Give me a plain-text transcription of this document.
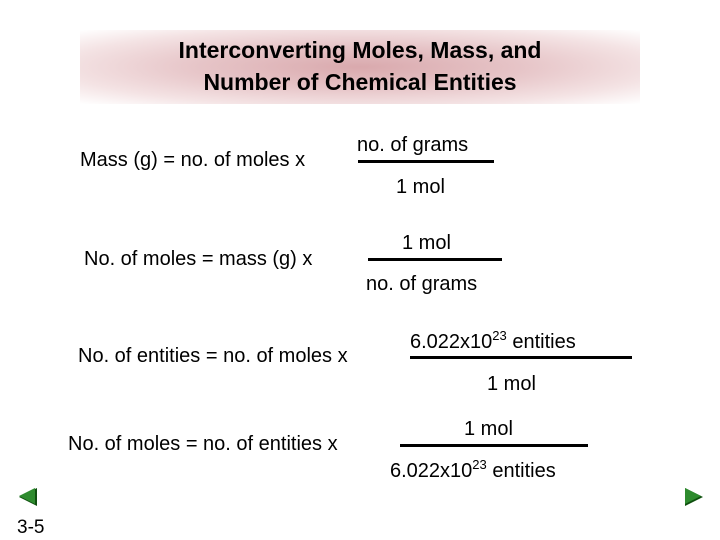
Interconverting Moles, Mass, and
Number of Chemical Entities
Mass (g) = no. of moles x
no. of grams
1 mol
No. of moles = mass (g) x
1 mol
no. of grams
No. of entities = no. of moles x
$6.022x10^{23}$ entities
1 mol
No. of moles = no. of entities x
1 mol
$6.022x10^{23}$ entities
3-5
